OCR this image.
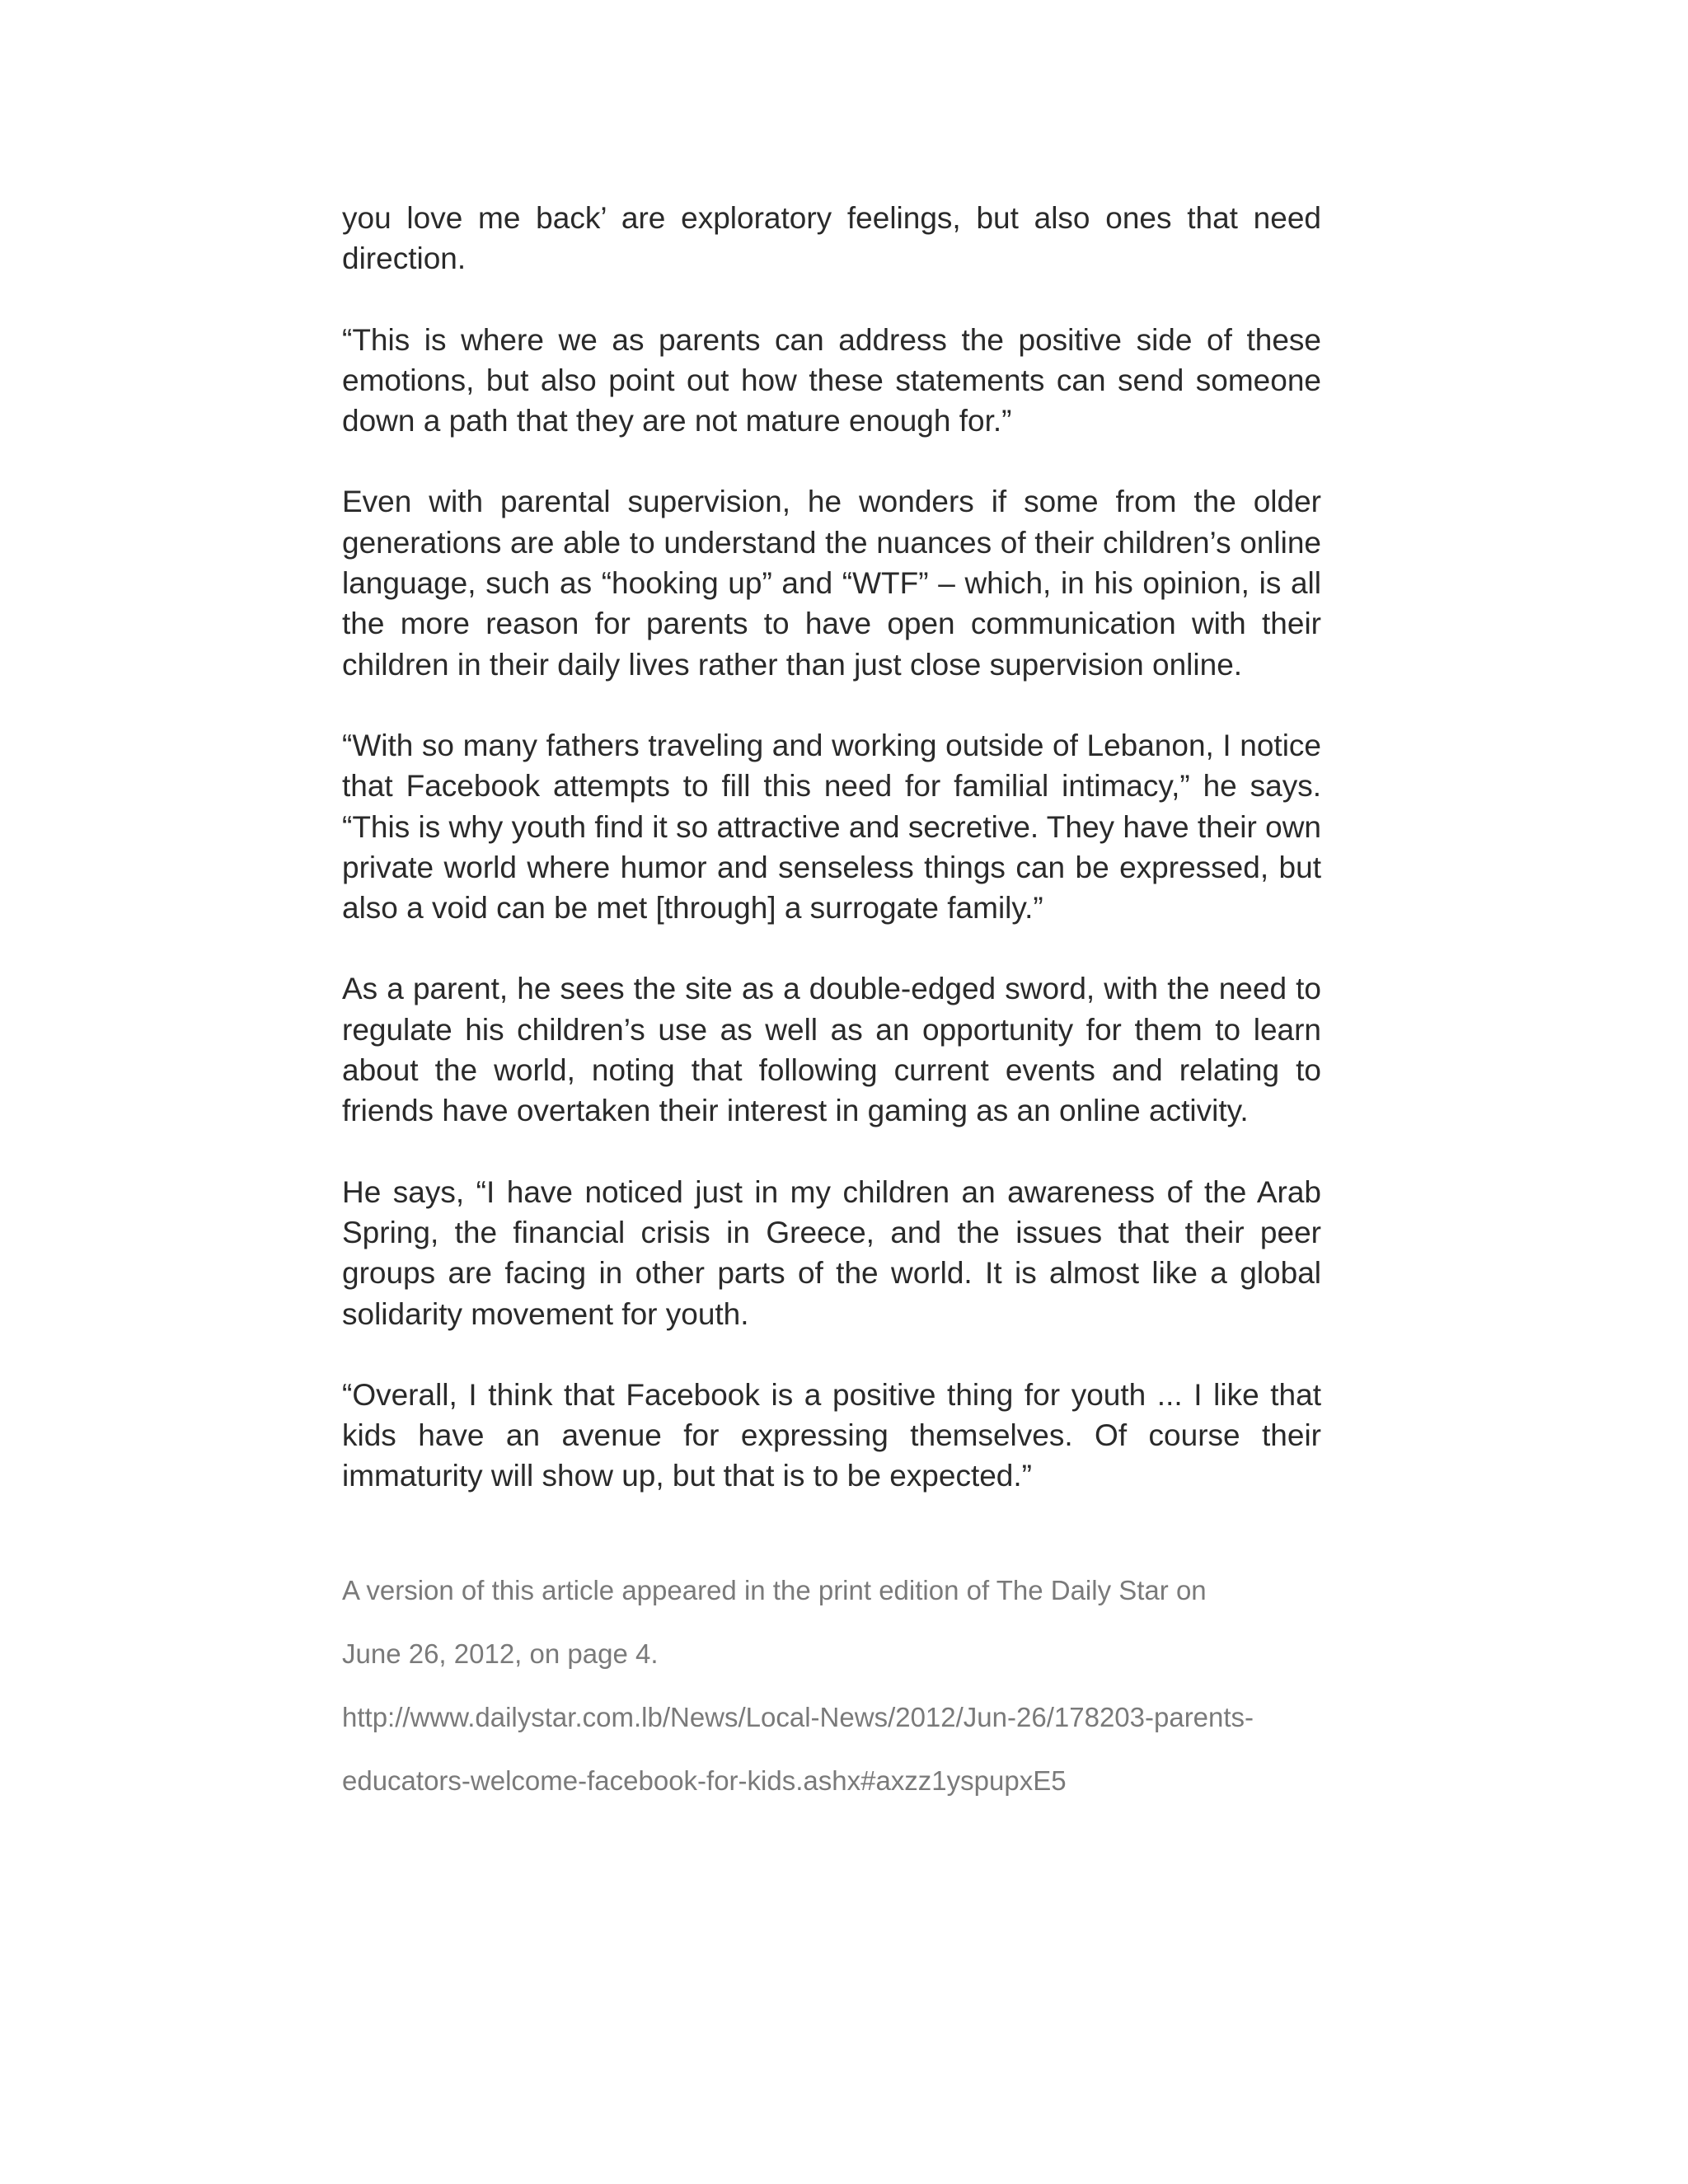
you love me back’ are exploratory feelings, but also ones that need direction.

“This is where we as parents can address the positive side of these emotions, but also point out how these statements can send someone down a path that they are not mature enough for.”

Even with parental supervision, he wonders if some from the older generations are able to understand the nuances of their children’s online language, such as “hooking up” and “WTF” – which, in his opinion, is all the more reason for parents to have open communication with their children in their daily lives rather than just close supervision online.

“With so many fathers traveling and working outside of Lebanon, I notice that Facebook attempts to fill this need for familial intimacy,” he says. “This is why youth find it so attractive and secretive. They have their own private world where humor and senseless things can be expressed, but also a void can be met [through] a surrogate family.”

As a parent, he sees the site as a double-edged sword, with the need to regulate his children’s use as well as an opportunity for them to learn about the world, noting that following current events and relating to friends have overtaken their interest in gaming as an online activity.

He says, “I have noticed just in my children an awareness of the Arab Spring, the financial crisis in Greece, and the issues that their peer groups are facing in other parts of the world. It is almost like a global solidarity movement for youth.

“Overall, I think that Facebook is a positive thing for youth ... I like that kids have an avenue for expressing themselves. Of course their immaturity will show up, but that is to be expected.”

A version of this article appeared in the print edition of The Daily Star on

June 26, 2012, on page 4.

http://www.dailystar.com.lb/News/Local-News/2012/Jun-26/178203-parents-

educators-welcome-facebook-for-kids.ashx#axzz1yspupxE5
